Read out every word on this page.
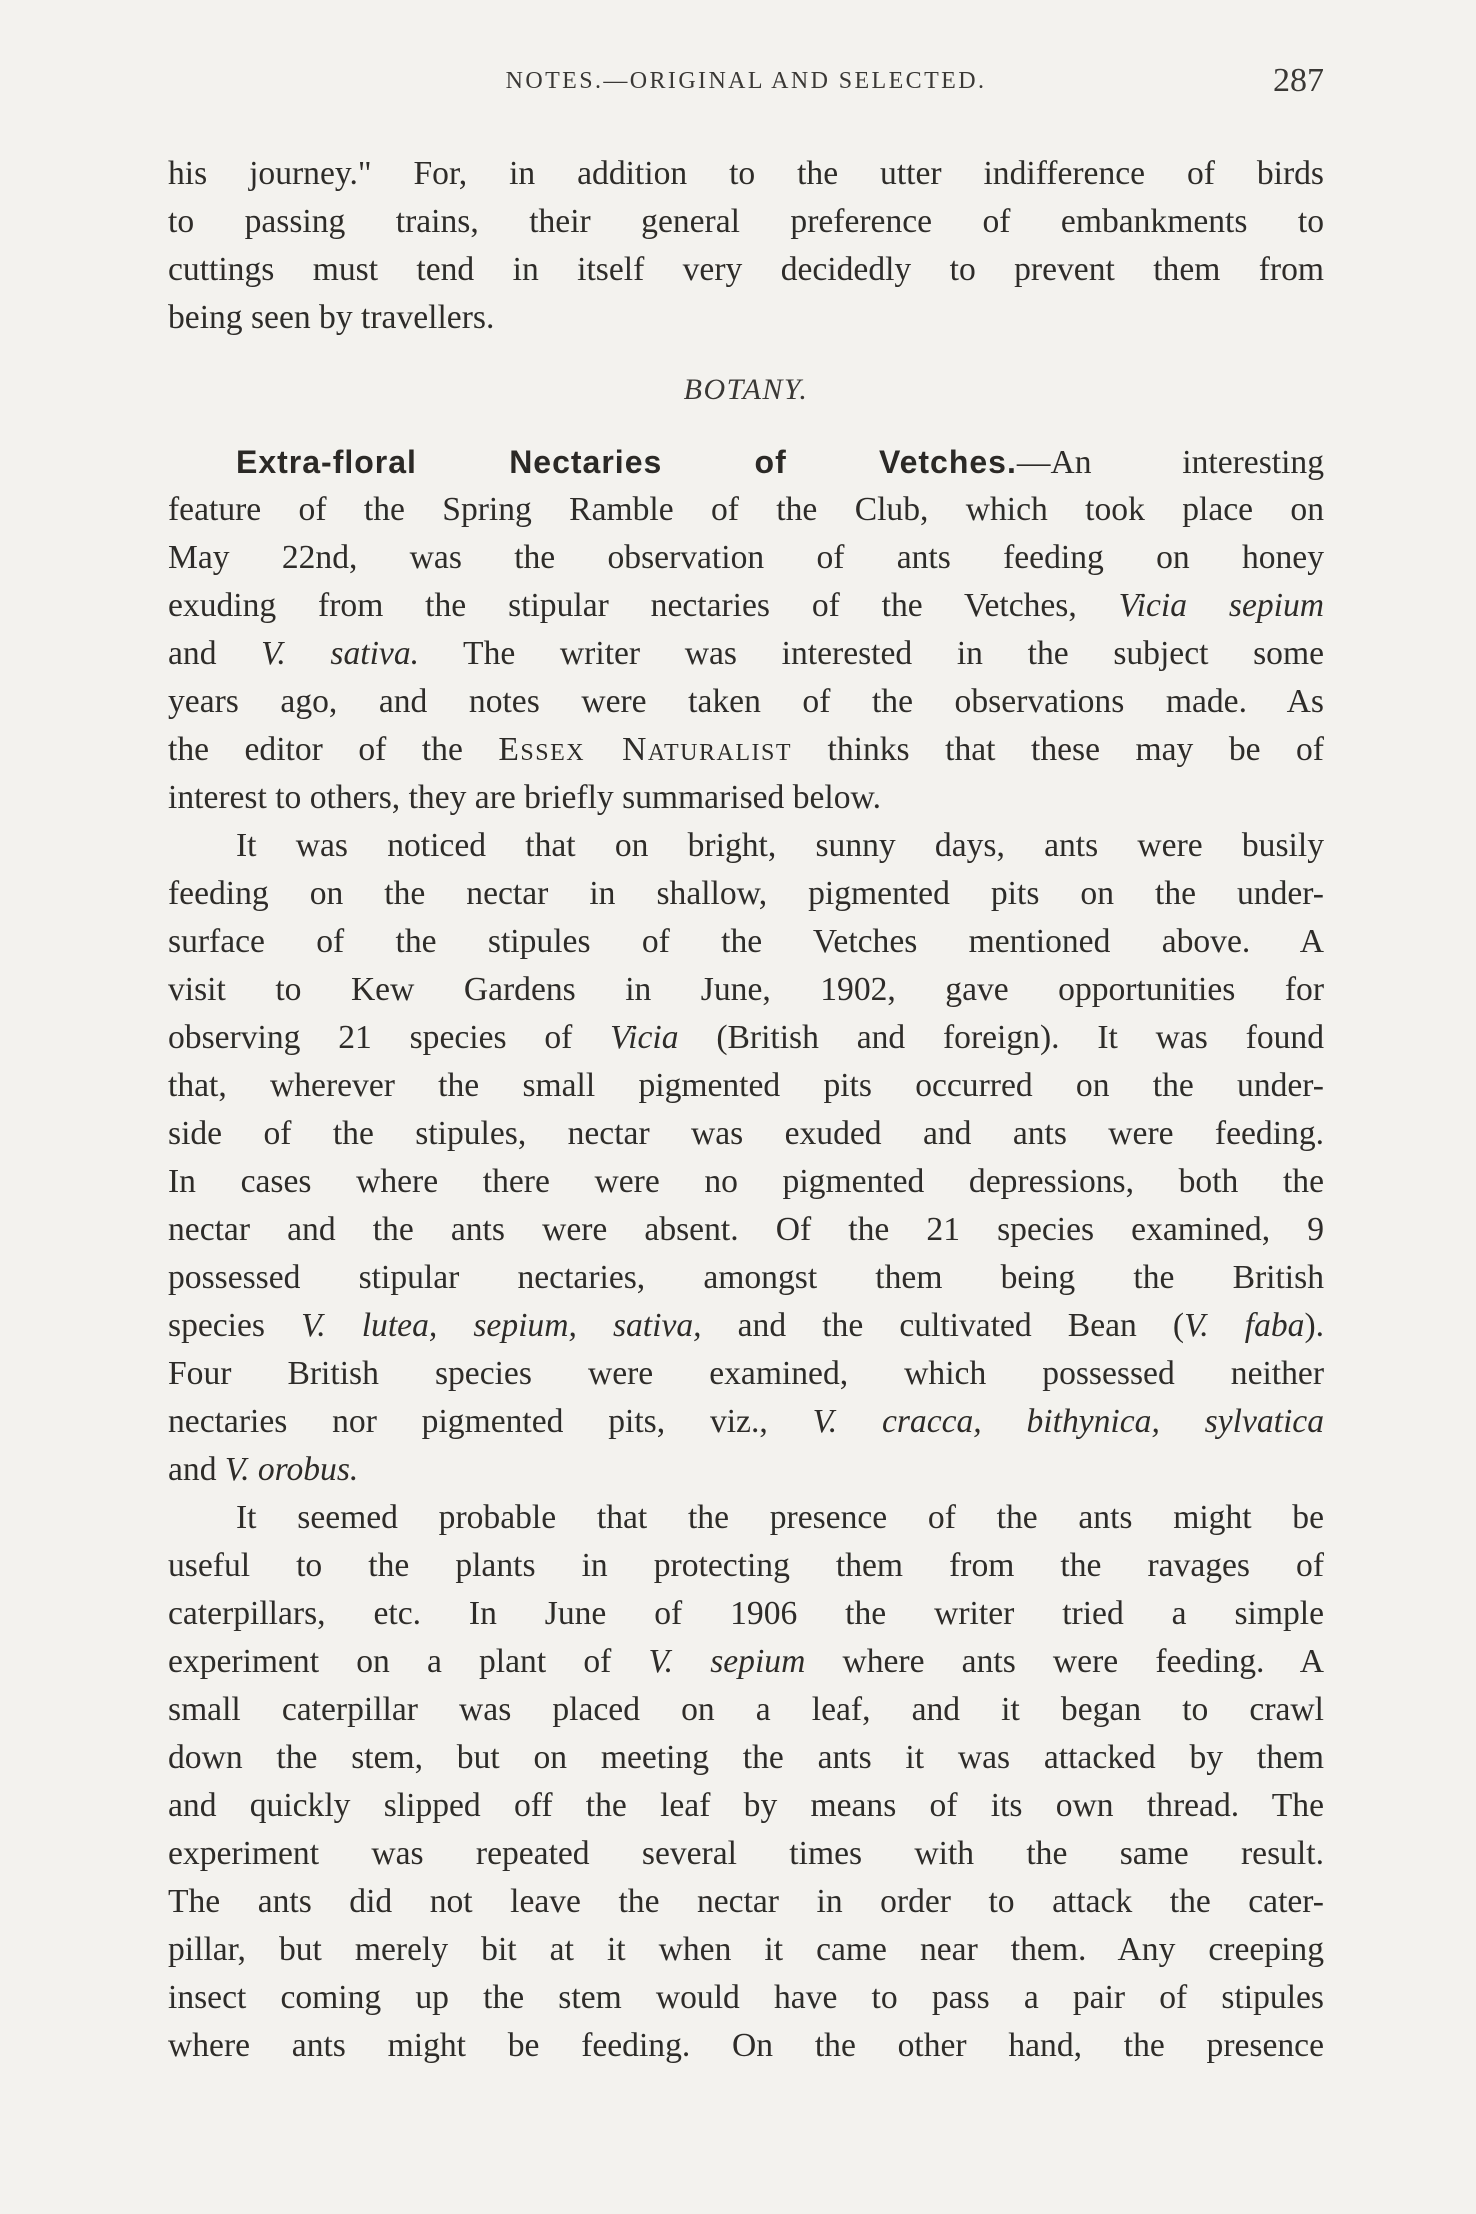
NOTES.—ORIGINAL AND SELECTED.	287
his journey." For, in addition to the utter indifference of birds
to passing trains, their general preference of embankments to
cuttings must tend in itself very decidedly to prevent them from
being seen by travellers.
BOTANY.
Extra-floral Nectaries of Vetches.—An interesting
feature of the Spring Ramble of the Club, which took place on
May 22nd, was the observation of ants feeding on honey
exuding from the stipular nectaries of the Vetches, Vicia sepium
and V. sativa. The writer was interested in the subject some
years ago, and notes were taken of the observations made. As
the editor of the Essex Naturalist thinks that these may be of
interest to others, they are briefly summarised below.
It was noticed that on bright, sunny days, ants were busily
feeding on the nectar in shallow, pigmented pits on the under-
surface of the stipules of the Vetches mentioned above. A
visit to Kew Gardens in June, 1902, gave opportunities for
observing 21 species of Vicia (British and foreign). It was found
that, wherever the small pigmented pits occurred on the under-
side of the stipules, nectar was exuded and ants were feeding.
In cases where there were no pigmented depressions, both the
nectar and the ants were absent. Of the 21 species examined, 9
possessed stipular nectaries, amongst them being the British
species V. lutea, sepium, sativa, and the cultivated Bean (V. faba).
Four British species were examined, which possessed neither
nectaries nor pigmented pits, viz., V. cracca, bithynica, sylvatica
and V. orobus.
It seemed probable that the presence of the ants might be
useful to the plants in protecting them from the ravages of
caterpillars, etc. In June of 1906 the writer tried a simple
experiment on a plant of V. sepium where ants were feeding. A
small caterpillar was placed on a leaf, and it began to crawl
down the stem, but on meeting the ants it was attacked by them
and quickly slipped off the leaf by means of its own thread. The
experiment was repeated several times with the same result.
The ants did not leave the nectar in order to attack the cater-
pillar, but merely bit at it when it came near them. Any creeping
insect coming up the stem would have to pass a pair of stipules
where ants might be feeding. On the other hand, the presence
